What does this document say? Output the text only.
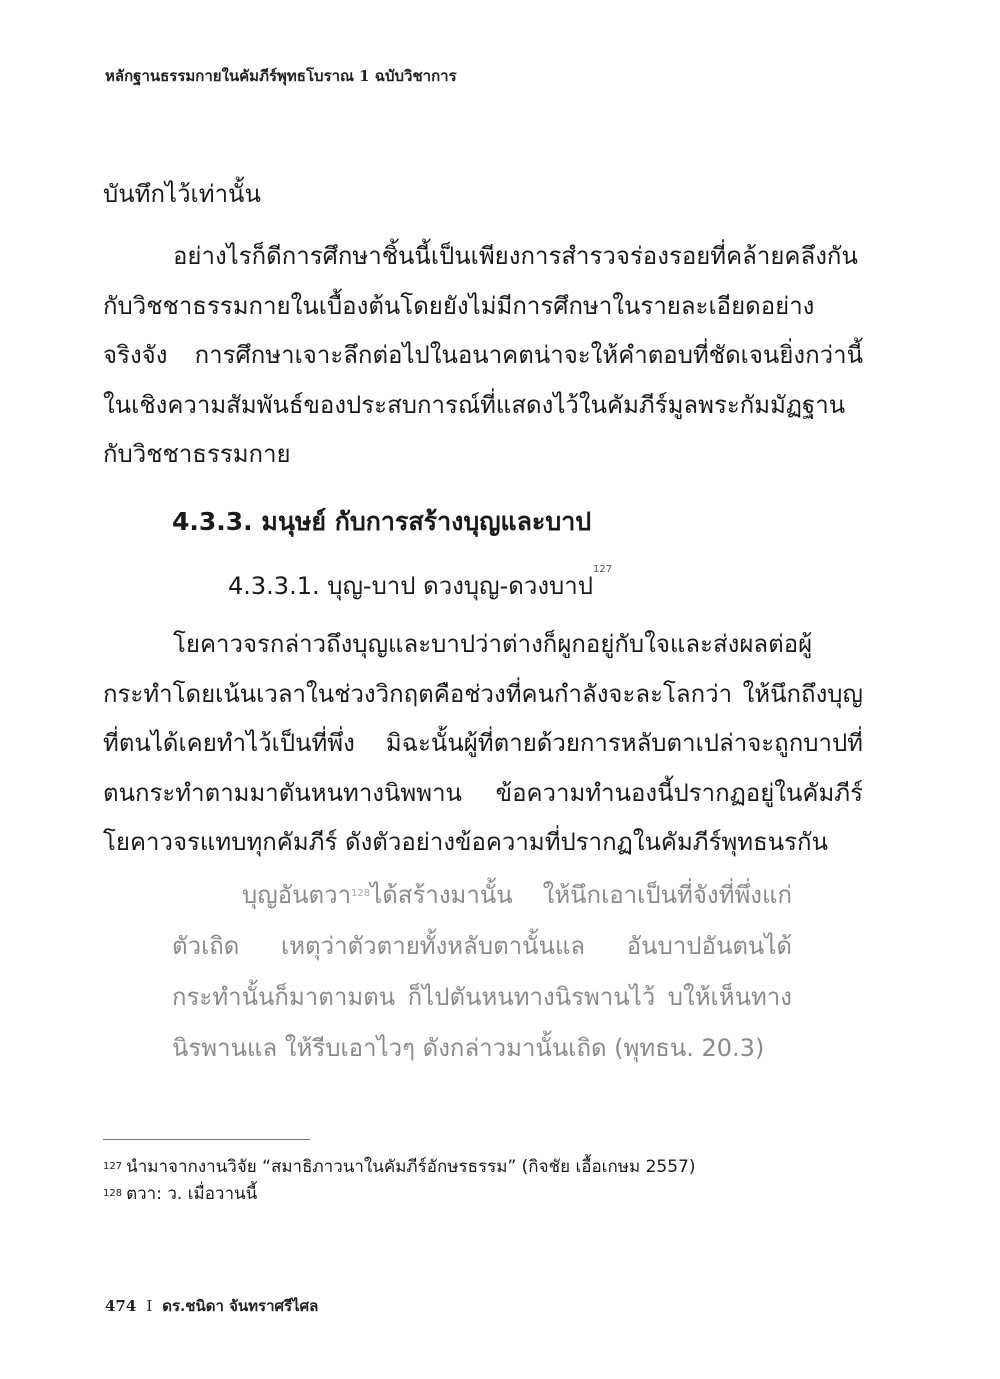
หลักฐานธรรมกายในคัมภีร์พุทธโบราณ 1 ฉบับวิชาการ

บันทึกไว้เท่านั้น

อย่างไรก็ดีการศึกษาชิ้นนี้เป็นเพียงการสำรวจร่องรอยที่คล้ายคลึงกันกับวิชชาธรรมกายในเบื้องต้นโดยยังไม่มีการศึกษาในรายละเอียดอย่างจริงจัง การศึกษาเจาะลึกต่อไปในอนาคตน่าจะให้คำตอบที่ชัดเจนยิ่งกว่านี้ในเชิงความสัมพันธ์ของประสบการณ์ที่แสดงไว้ในคัมภีร์มูลพระกัมมัฏฐานกับวิชชาธรรมกาย

4.3.3. มนุษย์ กับการสร้างบุญและบาป
4.3.3.1. บุญ-บาป ดวงบุญ-ดวงบาป$^{127}$

โยคาวจรกล่าวถึงบุญและบาปว่าต่างก็ผูกอยู่กับใจและส่งผลต่อผู้กระทำโดยเน้นเวลาในช่วงวิกฤตคือช่วงที่คนกำลังจะละโลกว่า ให้นึกถึงบุญที่ตนได้เคยทำไว้เป็นที่พึ่ง มิฉะนั้นผู้ที่ตายด้วยการหลับตาเปล่าจะถูกบาปที่ตนกระทำตามมาตันหนทางนิพพาน ข้อความทำนองนี้ปรากฏอยู่ในคัมภีร์โยคาวจรแทบทุกคัมภีร์ ดังตัวอย่างข้อความที่ปรากฏในคัมภีร์พุทธนรกัน

บุญอันตวา$^{128}$ได้สร้างมานั้น ให้นึกเอาเป็นที่จังที่พึ่งแก่ตัวเถิด เหตุว่าตัวตายทั้งหลับตานั้นแล อันบาปอันตนได้กระทำนั้นก็มาตามตน ก็ไปตันหนทางนิรพานไว้ บให้เห็นทางนิรพานแล ให้รีบเอาไวๆ ดังกล่าวมานั้นเถิด (พุทธน. 20.3)

$^{127}$ นำมาจากงานวิจัย “สมาธิภาวนาในคัมภีร์อักษรธรรม” (กิจชัย เอื้อเกษม 2557)
$^{128}$ ตวา: ว. เมื่อวานนี้
474 I ดร.ชนิดา จันทราศรีไศล
